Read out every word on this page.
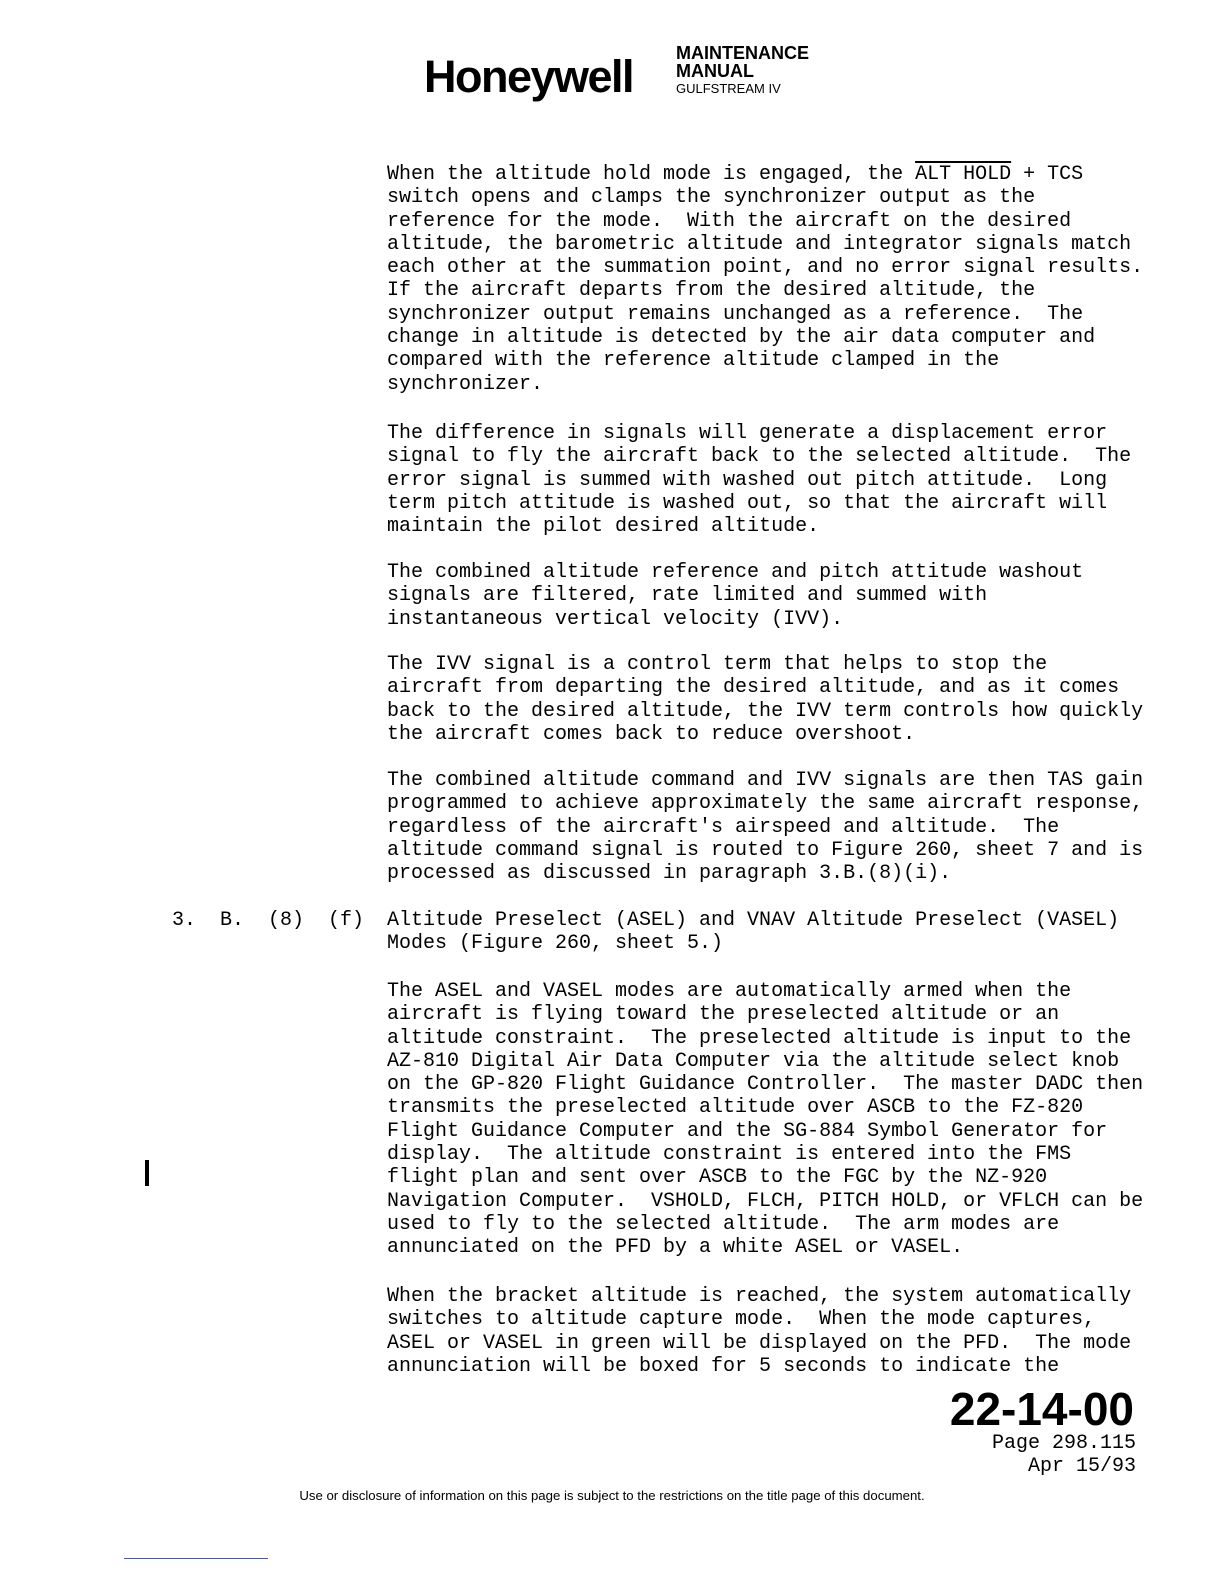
Honeywell MAINTENANCE
MANUAL
GULFSTREAM IV
When the altitude hold mode is engaged, the ALT HOLD + TCS
switch opens and clamps the synchronizer output as the
reference for the mode.  With the aircraft on the desired
altitude, the barometric altitude and integrator signals match
each other at the summation point, and no error signal results.
If the aircraft departs from the desired altitude, the
synchronizer output remains unchanged as a reference.  The
change in altitude is detected by the air data computer and
compared with the reference altitude clamped in the
synchronizer.
The difference in signals will generate a displacement error
signal to fly the aircraft back to the selected altitude.  The
error signal is summed with washed out pitch attitude.  Long
term pitch attitude is washed out, so that the aircraft will
maintain the pilot desired altitude.
The combined altitude reference and pitch attitude washout
signals are filtered, rate limited and summed with
instantaneous vertical velocity (IVV).
The IVV signal is a control term that helps to stop the
aircraft from departing the desired altitude, and as it comes
back to the desired altitude, the IVV term controls how quickly
the aircraft comes back to reduce overshoot.
The combined altitude command and IVV signals are then TAS gain
programmed to achieve approximately the same aircraft response,
regardless of the aircraft's airspeed and altitude.  The
altitude command signal is routed to Figure 260, sheet 7 and is
processed as discussed in paragraph 3.B.(8)(i).
3.  B.  (8)  (f) Altitude Preselect (ASEL) and VNAV Altitude Preselect (VASEL)
Modes (Figure 260, sheet 5.)
The ASEL and VASEL modes are automatically armed when the
aircraft is flying toward the preselected altitude or an
altitude constraint.  The preselected altitude is input to the
AZ-810 Digital Air Data Computer via the altitude select knob
on the GP-820 Flight Guidance Controller.  The master DADC then
transmits the preselected altitude over ASCB to the FZ-820
Flight Guidance Computer and the SG-884 Symbol Generator for
display.  The altitude constraint is entered into the FMS
flight plan and sent over ASCB to the FGC by the NZ-920
Navigation Computer.  VSHOLD, FLCH, PITCH HOLD, or VFLCH can be
used to fly to the selected altitude.  The arm modes are
annunciated on the PFD by a white ASEL or VASEL.
When the bracket altitude is reached, the system automatically
switches to altitude capture mode.  When the mode captures,
ASEL or VASEL in green will be displayed on the PFD.  The mode
annunciation will be boxed for 5 seconds to indicate the
22-14-00
Page 298.115
Apr 15/93
Use or disclosure of information on this page is subject to the restrictions on the title page of this document.
